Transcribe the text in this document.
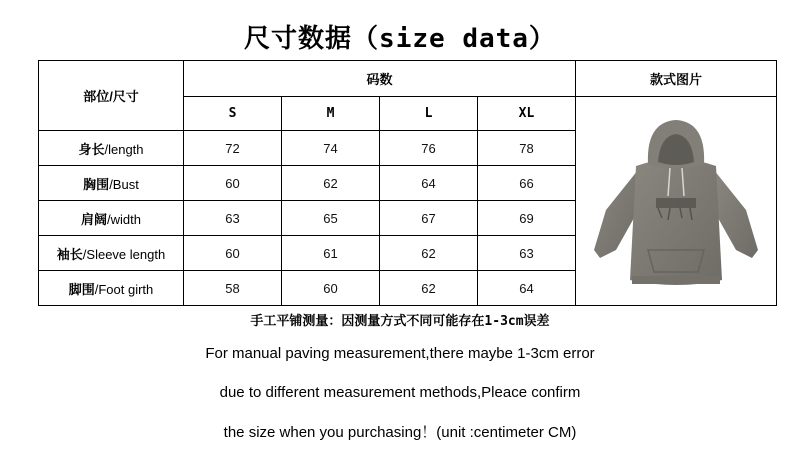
尺寸数据（size data）
部位/尺寸	码数				款式图片
	S	M	L	XL	
身长/length	72	74	76	78	
胸围/Bust	60	62	64	66	
肩阔/width	63	65	67	69	
袖长/Sleeve length	60	61	62	63	
脚围/Foot girth	58	60	62	64	
手工平铺测量：因测量方式不同可能存在1-3cm误差
For manual paving measurement,there maybe 1-3cm error
due to different measurement methods,Pleace confirm
the size when you purchasing！(unit :centimeter CM)
